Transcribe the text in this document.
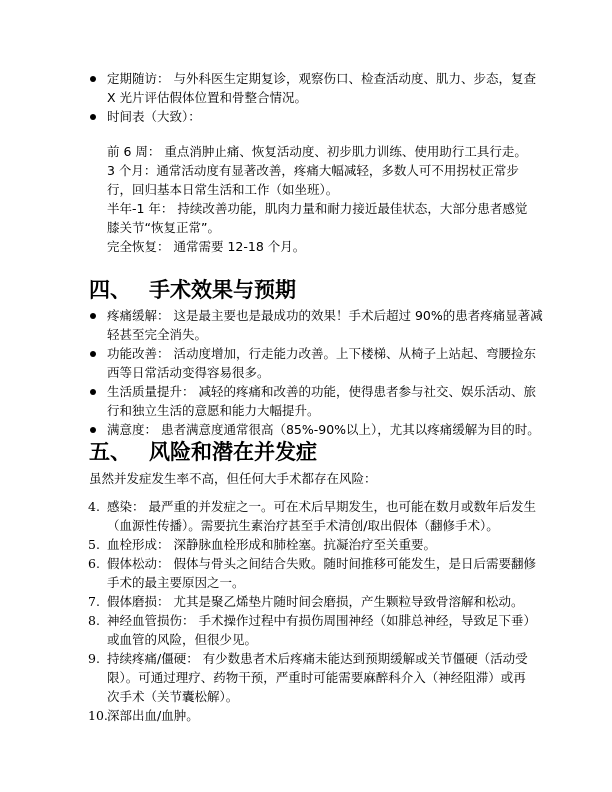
定期随访： 与外科医生定期复诊，观察伤口、检查活动度、肌力、步态，复查
X 光片评估假体位置和骨整合情况。
时间表（大致）：
前 6 周： 重点消肿止痛、恢复活动度、初步肌力训练、使用助行工具行走。
3 个月：通常活动度有显著改善，疼痛大幅减轻，多数人可不用拐杖正常步
行，回归基本日常生活和工作（如坐班）。
半年-1 年： 持续改善功能，肌肉力量和耐力接近最佳状态，大部分患者感觉
膝关节“恢复正常”。
完全恢复： 通常需要 12-18 个月。
四、 手术效果与预期
疼痛缓解： 这是最主要也是最成功的效果！手术后超过 90%的患者疼痛显著减
轻甚至完全消失。
功能改善： 活动度增加，行走能力改善。上下楼梯、从椅子上站起、弯腰捡东
西等日常活动变得容易很多。
生活质量提升： 减轻的疼痛和改善的功能，使得患者参与社交、娱乐活动、旅
行和独立生活的意愿和能力大幅提升。
满意度： 患者满意度通常很高（85%-90%以上），尤其以疼痛缓解为目的时。
五、 风险和潜在并发症
虽然并发症发生率不高，但任何大手术都存在风险：
4. 感染： 最严重的并发症之一。可在术后早期发生，也可能在数月或数年后发生
（血源性传播）。需要抗生素治疗甚至手术清创/取出假体（翻修手术）。
5. 血栓形成： 深静脉血栓形成和肺栓塞。抗凝治疗至关重要。
6. 假体松动： 假体与骨头之间结合失败。随时间推移可能发生，是日后需要翻修
手术的最主要原因之一。
7. 假体磨损： 尤其是聚乙烯垫片随时间会磨损，产生颗粒导致骨溶解和松动。
8. 神经血管损伤： 手术操作过程中有损伤周围神经（如腓总神经，导致足下垂）
或血管的风险，但很少见。
9. 持续疼痛/僵硬： 有少数患者术后疼痛未能达到预期缓解或关节僵硬（活动受
限）。可通过理疗、药物干预，严重时可能需要麻醉科介入（神经阻滞）或再
次手术（关节囊松解）。
10. 深部出血/血肿。
